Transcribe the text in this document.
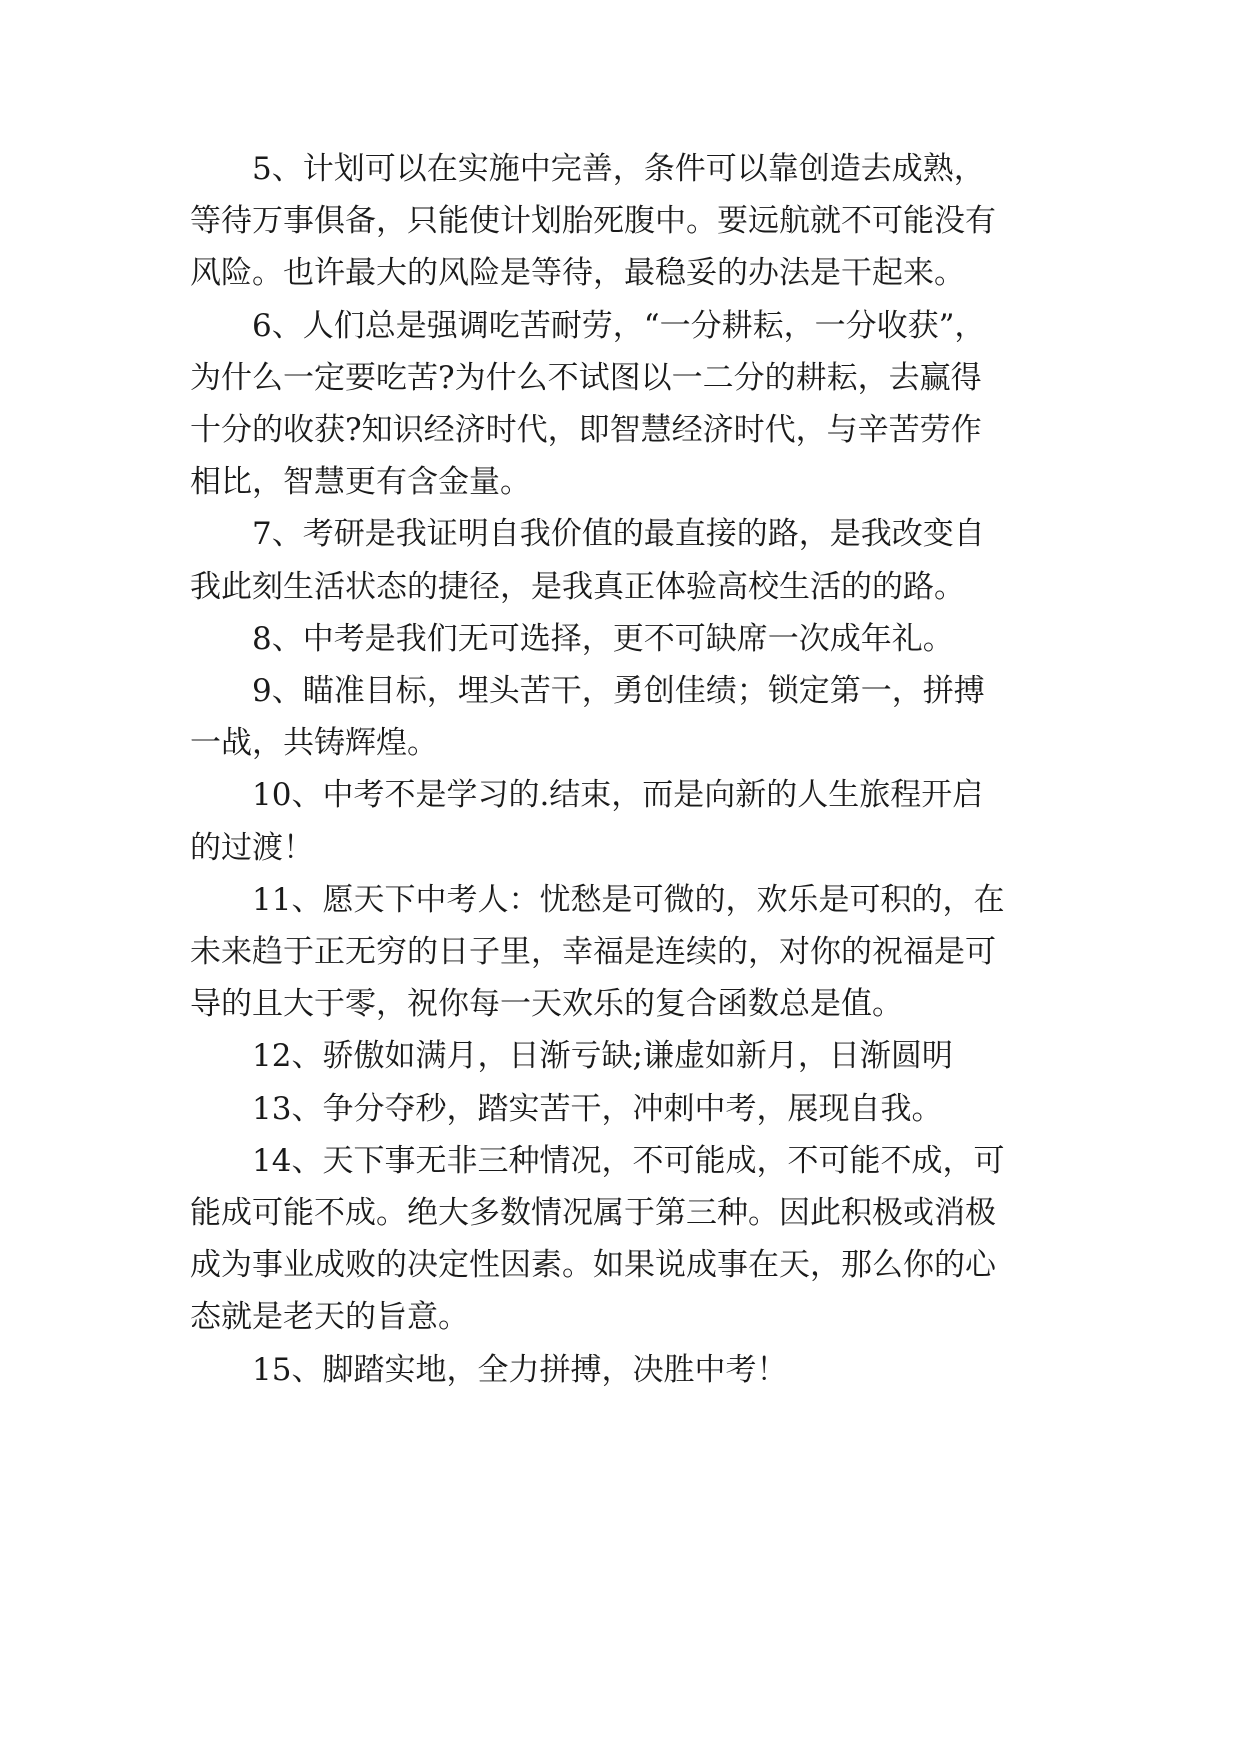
5、计划可以在实施中完善，条件可以靠创造去成熟，
等待万事俱备，只能使计划胎死腹中。要远航就不可能没有
风险。也许最大的风险是等待，最稳妥的办法是干起来。
6、人们总是强调吃苦耐劳，“一分耕耘，一分收获”，
为什么一定要吃苦?为什么不试图以一二分的耕耘，去赢得
十分的收获?知识经济时代，即智慧经济时代，与辛苦劳作
相比，智慧更有含金量。
7、考研是我证明自我价值的最直接的路，是我改变自
我此刻生活状态的捷径，是我真正体验高校生活的的路。
8、中考是我们无可选择，更不可缺席一次成年礼。
9、瞄准目标，埋头苦干，勇创佳绩；锁定第一，拼搏
一战，共铸辉煌。
10、中考不是学习的.结束，而是向新的人生旅程开启
的过渡！
11、愿天下中考人：忧愁是可微的，欢乐是可积的，在
未来趋于正无穷的日子里，幸福是连续的，对你的祝福是可
导的且大于零，祝你每一天欢乐的复合函数总是值。
12、骄傲如满月，日渐亏缺;谦虚如新月，日渐圆明
13、争分夺秒，踏实苦干，冲刺中考，展现自我。
14、天下事无非三种情况，不可能成，不可能不成，可
能成可能不成。绝大多数情况属于第三种。因此积极或消极
成为事业成败的决定性因素。如果说成事在天，那么你的心
态就是老天的旨意。
15、脚踏实地，全力拼搏，决胜中考！
